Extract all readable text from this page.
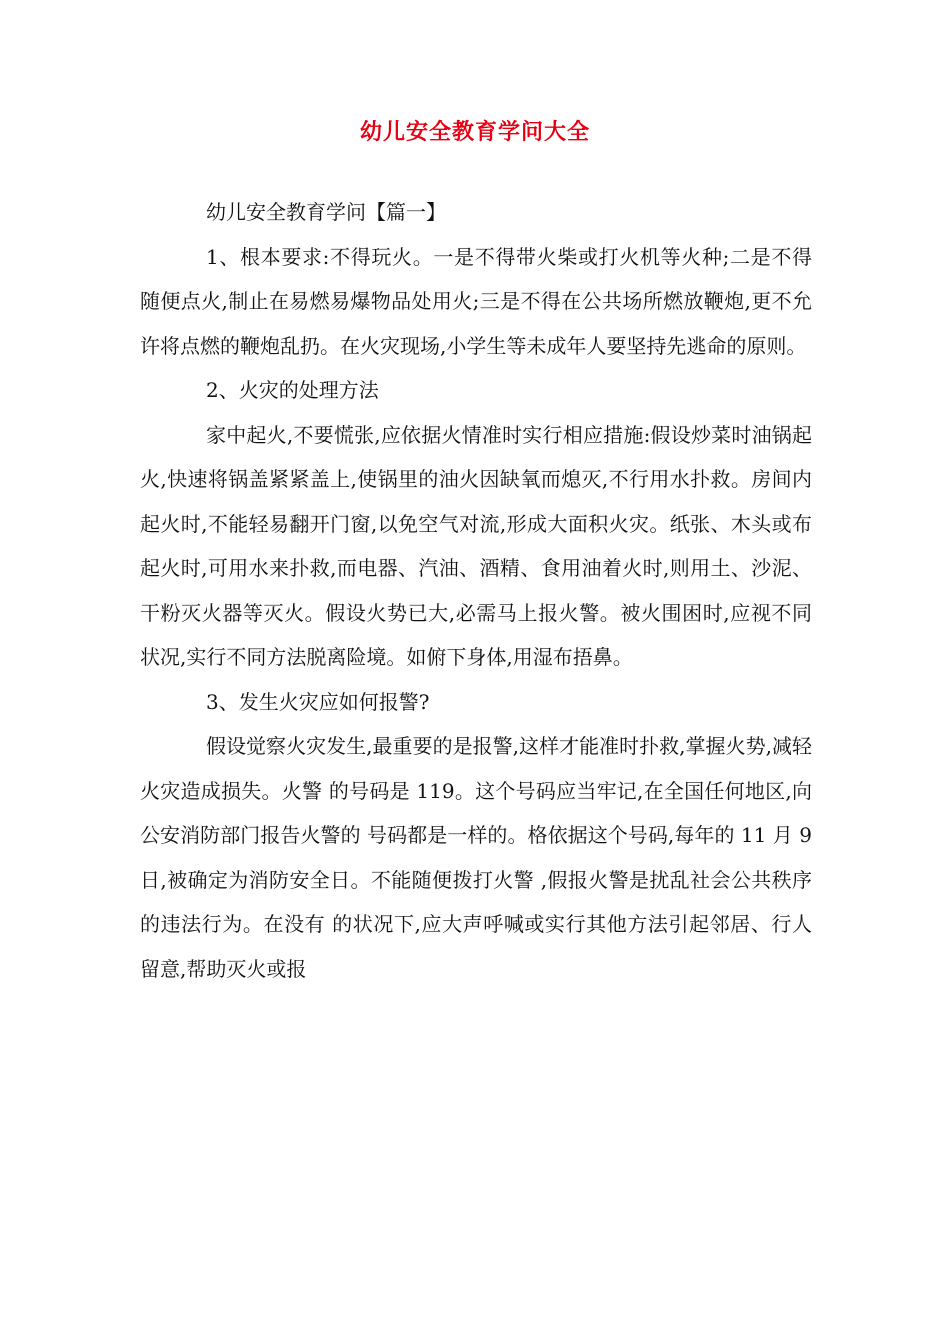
幼儿安全教育学问大全

幼儿安全教育学问【篇一】

1、根本要求:不得玩火。一是不得带火柴或打火机等火种;二是不得随便点火,制止在易燃易爆物品处用火;三是不得在公共场所燃放鞭炮,更不允许将点燃的鞭炮乱扔。在火灾现场,小学生等未成年人要坚持先逃命的原则。

2、火灾的处理方法

家中起火,不要慌张,应依据火情准时实行相应措施:假设炒菜时油锅起火,快速将锅盖紧紧盖上,使锅里的油火因缺氧而熄灭,不行用水扑救。房间内起火时,不能轻易翻开门窗,以免空气对流,形成大面积火灾。纸张、木头或布起火时,可用水来扑救,而电器、汽油、酒精、食用油着火时,则用土、沙泥、干粉灭火器等灭火。假设火势已大,必需马上报火警。被火围困时,应视不同状况,实行不同方法脱离险境。如俯下身体,用湿布捂鼻。

3、发生火灾应如何报警?

假设觉察火灾发生,最重要的是报警,这样才能准时扑救,掌握火势,减轻火灾造成损失。火警 的号码是 119。这个号码应当牢记,在全国任何地区,向公安消防部门报告火警的 号码都是一样的。格依据这个号码,每年的 11 月 9 日,被确定为消防安全日。不能随便拨打火警 ,假报火警是扰乱社会公共秩序的违法行为。在没有 的状况下,应大声呼喊或实行其他方法引起邻居、行人留意,帮助灭火或报
